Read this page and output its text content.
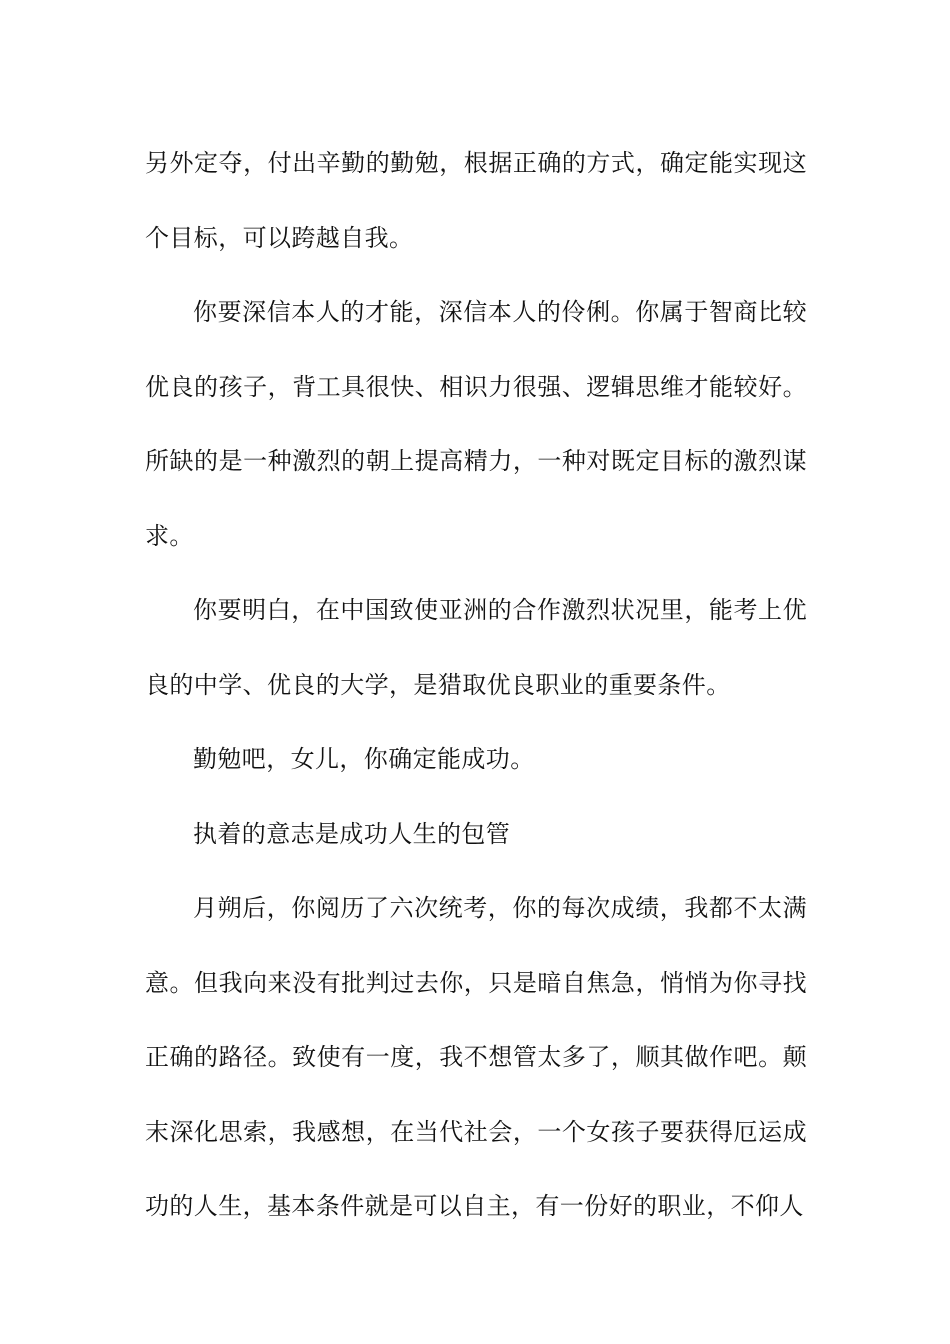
另外定夺，付出辛勤的勤勉，根据正确的方式，确定能实现这个目标，可以跨越自我。

你要深信本人的才能，深信本人的伶俐。你属于智商比较优良的孩子，背工具很快、相识力很强、逻辑思维才能较好。所缺的是一种激烈的朝上提高精力，一种对既定目标的激烈谋求。

你要明白，在中国致使亚洲的合作激烈状况里，能考上优良的中学、优良的大学，是猎取优良职业的重要条件。

勤勉吧，女儿，你确定能成功。

执着的意志是成功人生的包管

月朔后，你阅历了六次统考，你的每次成绩，我都不太满意。但我向来没有批判过去你，只是暗自焦急，悄悄为你寻找正确的路径。致使有一度，我不想管太多了，顺其做作吧。颠末深化思索，我感想，在当代社会，一个女孩子要获得厄运成功的人生，基本条件就是可以自主，有一份好的职业，不仰人
